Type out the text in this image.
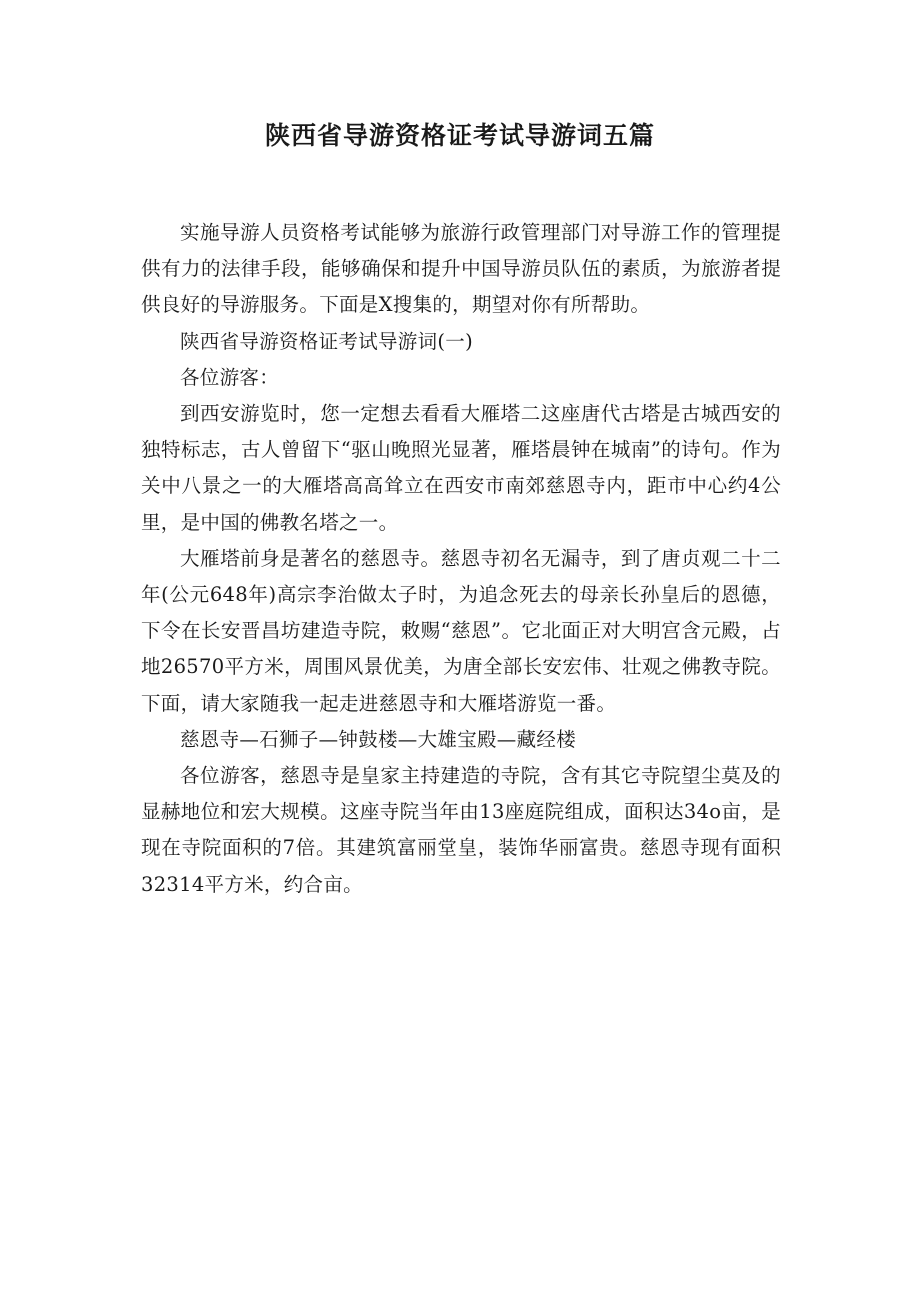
陕西省导游资格证考试导游词五篇

实施导游人员资格考试能够为旅游行政管理部门对导游工作的管理提供有力的法律手段，能够确保和提升中国导游员队伍的素质，为旅游者提供良好的导游服务。下面是X搜集的，期望对你有所帮助。

陕西省导游资格证考试导游词(一)

各位游客：

到西安游览时，您一定想去看看大雁塔二这座唐代古塔是古城西安的独特标志，古人曾留下“驱山晚照光显著，雁塔晨钟在城南”的诗句。作为关中八景之一的大雁塔高高耸立在西安市南郊慈恩寺内，距市中心约4公里，是中国的佛教名塔之一。

大雁塔前身是著名的慈恩寺。慈恩寺初名无漏寺，到了唐贞观二十二年(公元648年)高宗李治做太子时，为追念死去的母亲长孙皇后的恩德，下令在长安晋昌坊建造寺院，敕赐“慈恩”。它北面正对大明宫含元殿，占地26570平方米，周围风景优美，为唐全部长安宏伟、壮观之佛教寺院。下面，请大家随我一起走进慈恩寺和大雁塔游览一番。

慈恩寺—石狮子—钟鼓楼—大雄宝殿—藏经楼

各位游客，慈恩寺是皇家主持建造的寺院，含有其它寺院望尘莫及的显赫地位和宏大规模。这座寺院当年由13座庭院组成，面积达34o亩，是现在寺院面积的7倍。其建筑富丽堂皇，装饰华丽富贵。慈恩寺现有面积32314平方米，约合亩。
